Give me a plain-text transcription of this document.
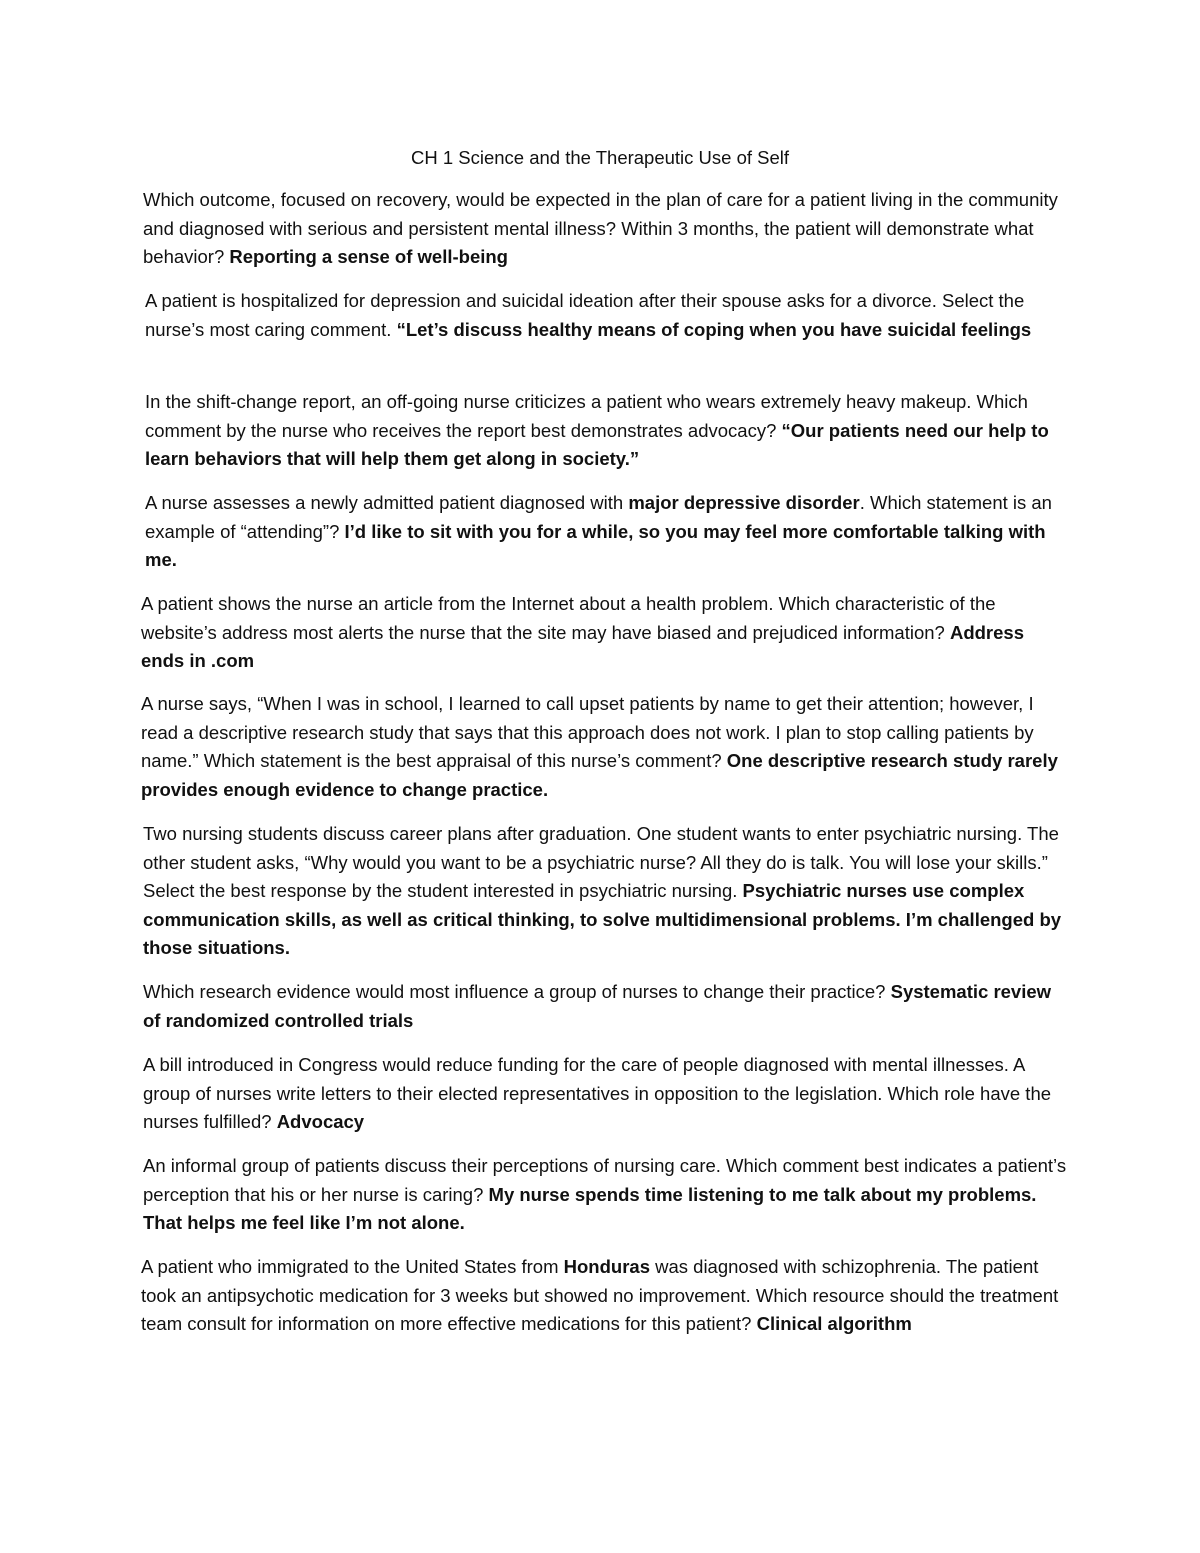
CH 1 Science and the Therapeutic Use of Self

Which outcome, focused on recovery, would be expected in the plan of care for a patient living in the community and diagnosed with serious and persistent mental illness? Within 3 months, the patient will demonstrate what behavior? Reporting a sense of well-being

A patient is hospitalized for depression and suicidal ideation after their spouse asks for a divorce. Select the nurse’s most caring comment. “Let’s discuss healthy means of coping when you have suicidal feelings

In the shift-change report, an off-going nurse criticizes a patient who wears extremely heavy makeup. Which comment by the nurse who receives the report best demonstrates advocacy? “Our patients need our help to learn behaviors that will help them get along in society.”

A nurse assesses a newly admitted patient diagnosed with major depressive disorder. Which statement is an example of “attending”? I’d like to sit with you for a while, so you may feel more comfortable talking with me.

A patient shows the nurse an article from the Internet about a health problem. Which characteristic of the website’s address most alerts the nurse that the site may have biased and prejudiced information? Address ends in .com

A nurse says, “When I was in school, I learned to call upset patients by name to get their attention; however, I read a descriptive research study that says that this approach does not work. I plan to stop calling patients by name.” Which statement is the best appraisal of this nurse’s comment? One descriptive research study rarely provides enough evidence to change practice.

Two nursing students discuss career plans after graduation. One student wants to enter psychiatric nursing. The other student asks, “Why would you want to be a psychiatric nurse? All they do is talk. You will lose your skills.” Select the best response by the student interested in psychiatric nursing. Psychiatric nurses use complex communication skills, as well as critical thinking, to solve multidimensional problems. I’m challenged by those situations.

Which research evidence would most influence a group of nurses to change their practice? Systematic review of randomized controlled trials

A bill introduced in Congress would reduce funding for the care of people diagnosed with mental illnesses. A group of nurses write letters to their elected representatives in opposition to the legislation. Which role have the nurses fulfilled? Advocacy

An informal group of patients discuss their perceptions of nursing care. Which comment best indicates a patient’s perception that his or her nurse is caring? My nurse spends time listening to me talk about my problems. That helps me feel like I’m not alone.

A patient who immigrated to the United States from Honduras was diagnosed with schizophrenia. The patient took an antipsychotic medication for 3 weeks but showed no improvement. Which resource should the treatment team consult for information on more effective medications for this patient? Clinical algorithm
